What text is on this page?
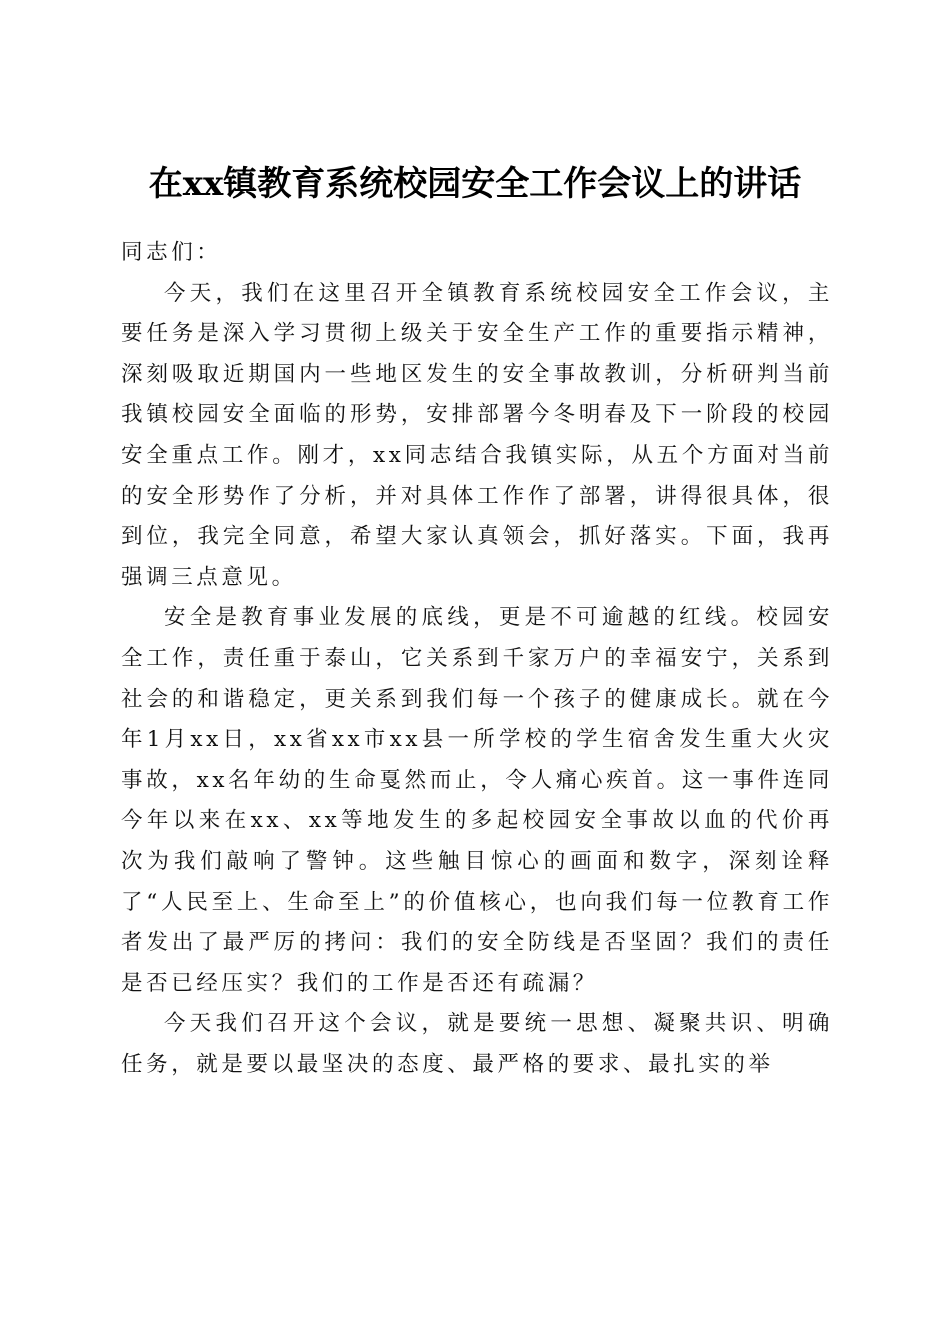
在xx镇教育系统校园安全工作会议上的讲话

同志们：

今天，我们在这里召开全镇教育系统校园安全工作会议，主要任务是深入学习贯彻上级关于安全生产工作的重要指示精神，深刻吸取近期国内一些地区发生的安全事故教训，分析研判当前我镇校园安全面临的形势，安排部署今冬明春及下一阶段的校园安全重点工作。刚才，xx同志结合我镇实际，从五个方面对当前的安全形势作了分析，并对具体工作作了部署，讲得很具体，很到位，我完全同意，希望大家认真领会，抓好落实。下面，我再强调三点意见。

安全是教育事业发展的底线，更是不可逾越的红线。校园安全工作，责任重于泰山，它关系到千家万户的幸福安宁，关系到社会的和谐稳定，更关系到我们每一个孩子的健康成长。就在今年1月xx日，xx省xx市xx县一所学校的学生宿舍发生重大火灾事故，xx名年幼的生命戛然而止，令人痛心疾首。这一事件连同今年以来在xx、xx等地发生的多起校园安全事故以血的代价再次为我们敲响了警钟。这些触目惊心的画面和数字，深刻诠释了“人民至上、生命至上”的价值核心，也向我们每一位教育工作者发出了最严厉的拷问：我们的安全防线是否坚固？我们的责任是否已经压实？我们的工作是否还有疏漏？

今天我们召开这个会议，就是要统一思想、凝聚共识、明确任务，就是要以最坚决的态度、最严格的要求、最扎实的举
